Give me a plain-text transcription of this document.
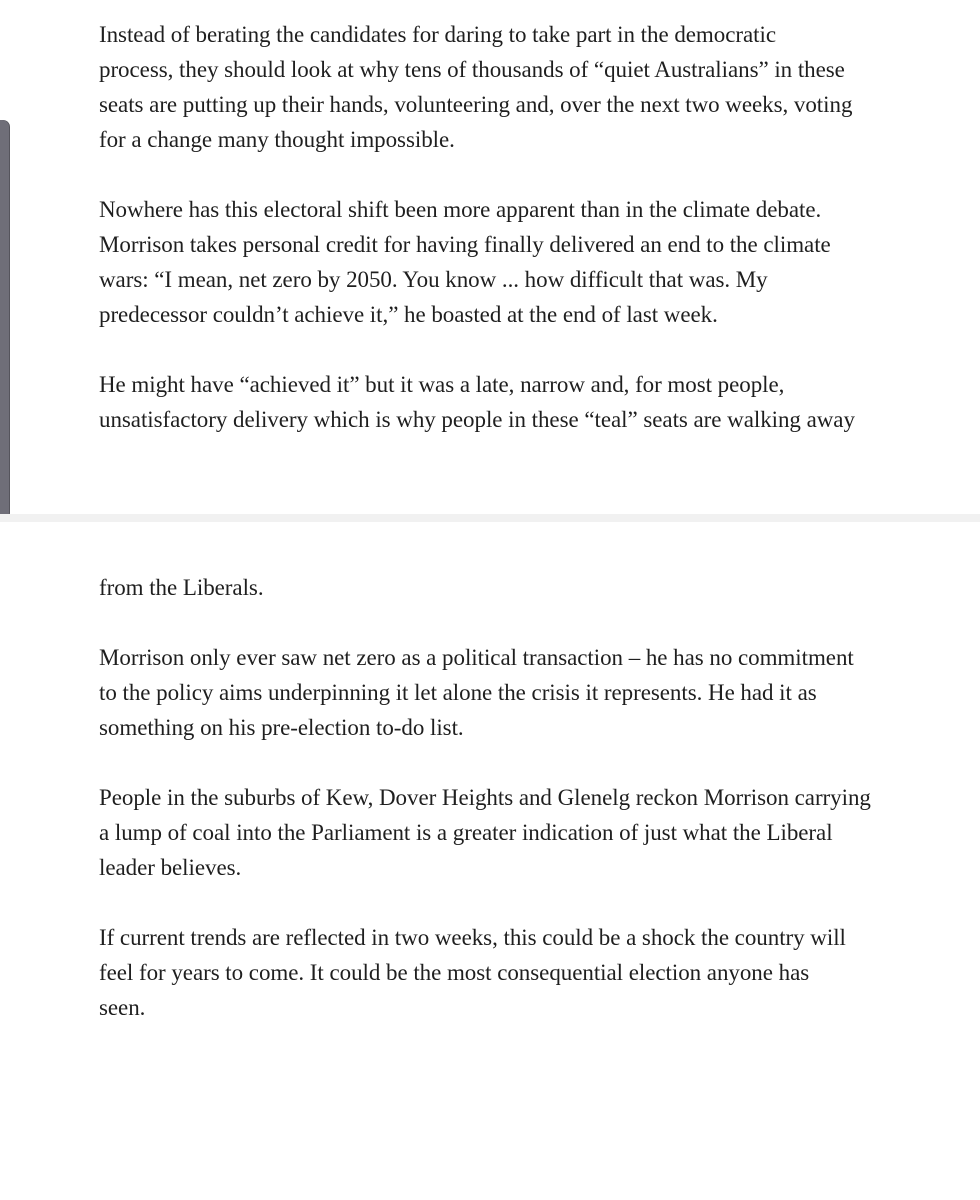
Instead of berating the candidates for daring to take part in the democratic
process, they should look at why tens of thousands of “quiet Australians” in these
seats are putting up their hands, volunteering and, over the next two weeks, voting
for a change many thought impossible.
Nowhere has this electoral shift been more apparent than in the climate debate.
Morrison takes personal credit for having finally delivered an end to the climate
wars: “I mean, net zero by 2050. You know ... how difficult that was. My
predecessor couldn’t achieve it,” he boasted at the end of last week.
He might have “achieved it” but it was a late, narrow and, for most people,
unsatisfactory delivery which is why people in these “teal” seats are walking away
from the Liberals.
Morrison only ever saw net zero as a political transaction – he has no commitment
to the policy aims underpinning it let alone the crisis it represents. He had it as
something on his pre-election to-do list.
People in the suburbs of Kew, Dover Heights and Glenelg reckon Morrison carrying
a lump of coal into the Parliament is a greater indication of just what the Liberal
leader believes.
If current trends are reflected in two weeks, this could be a shock the country will
feel for years to come. It could be the most consequential election anyone has
seen.
